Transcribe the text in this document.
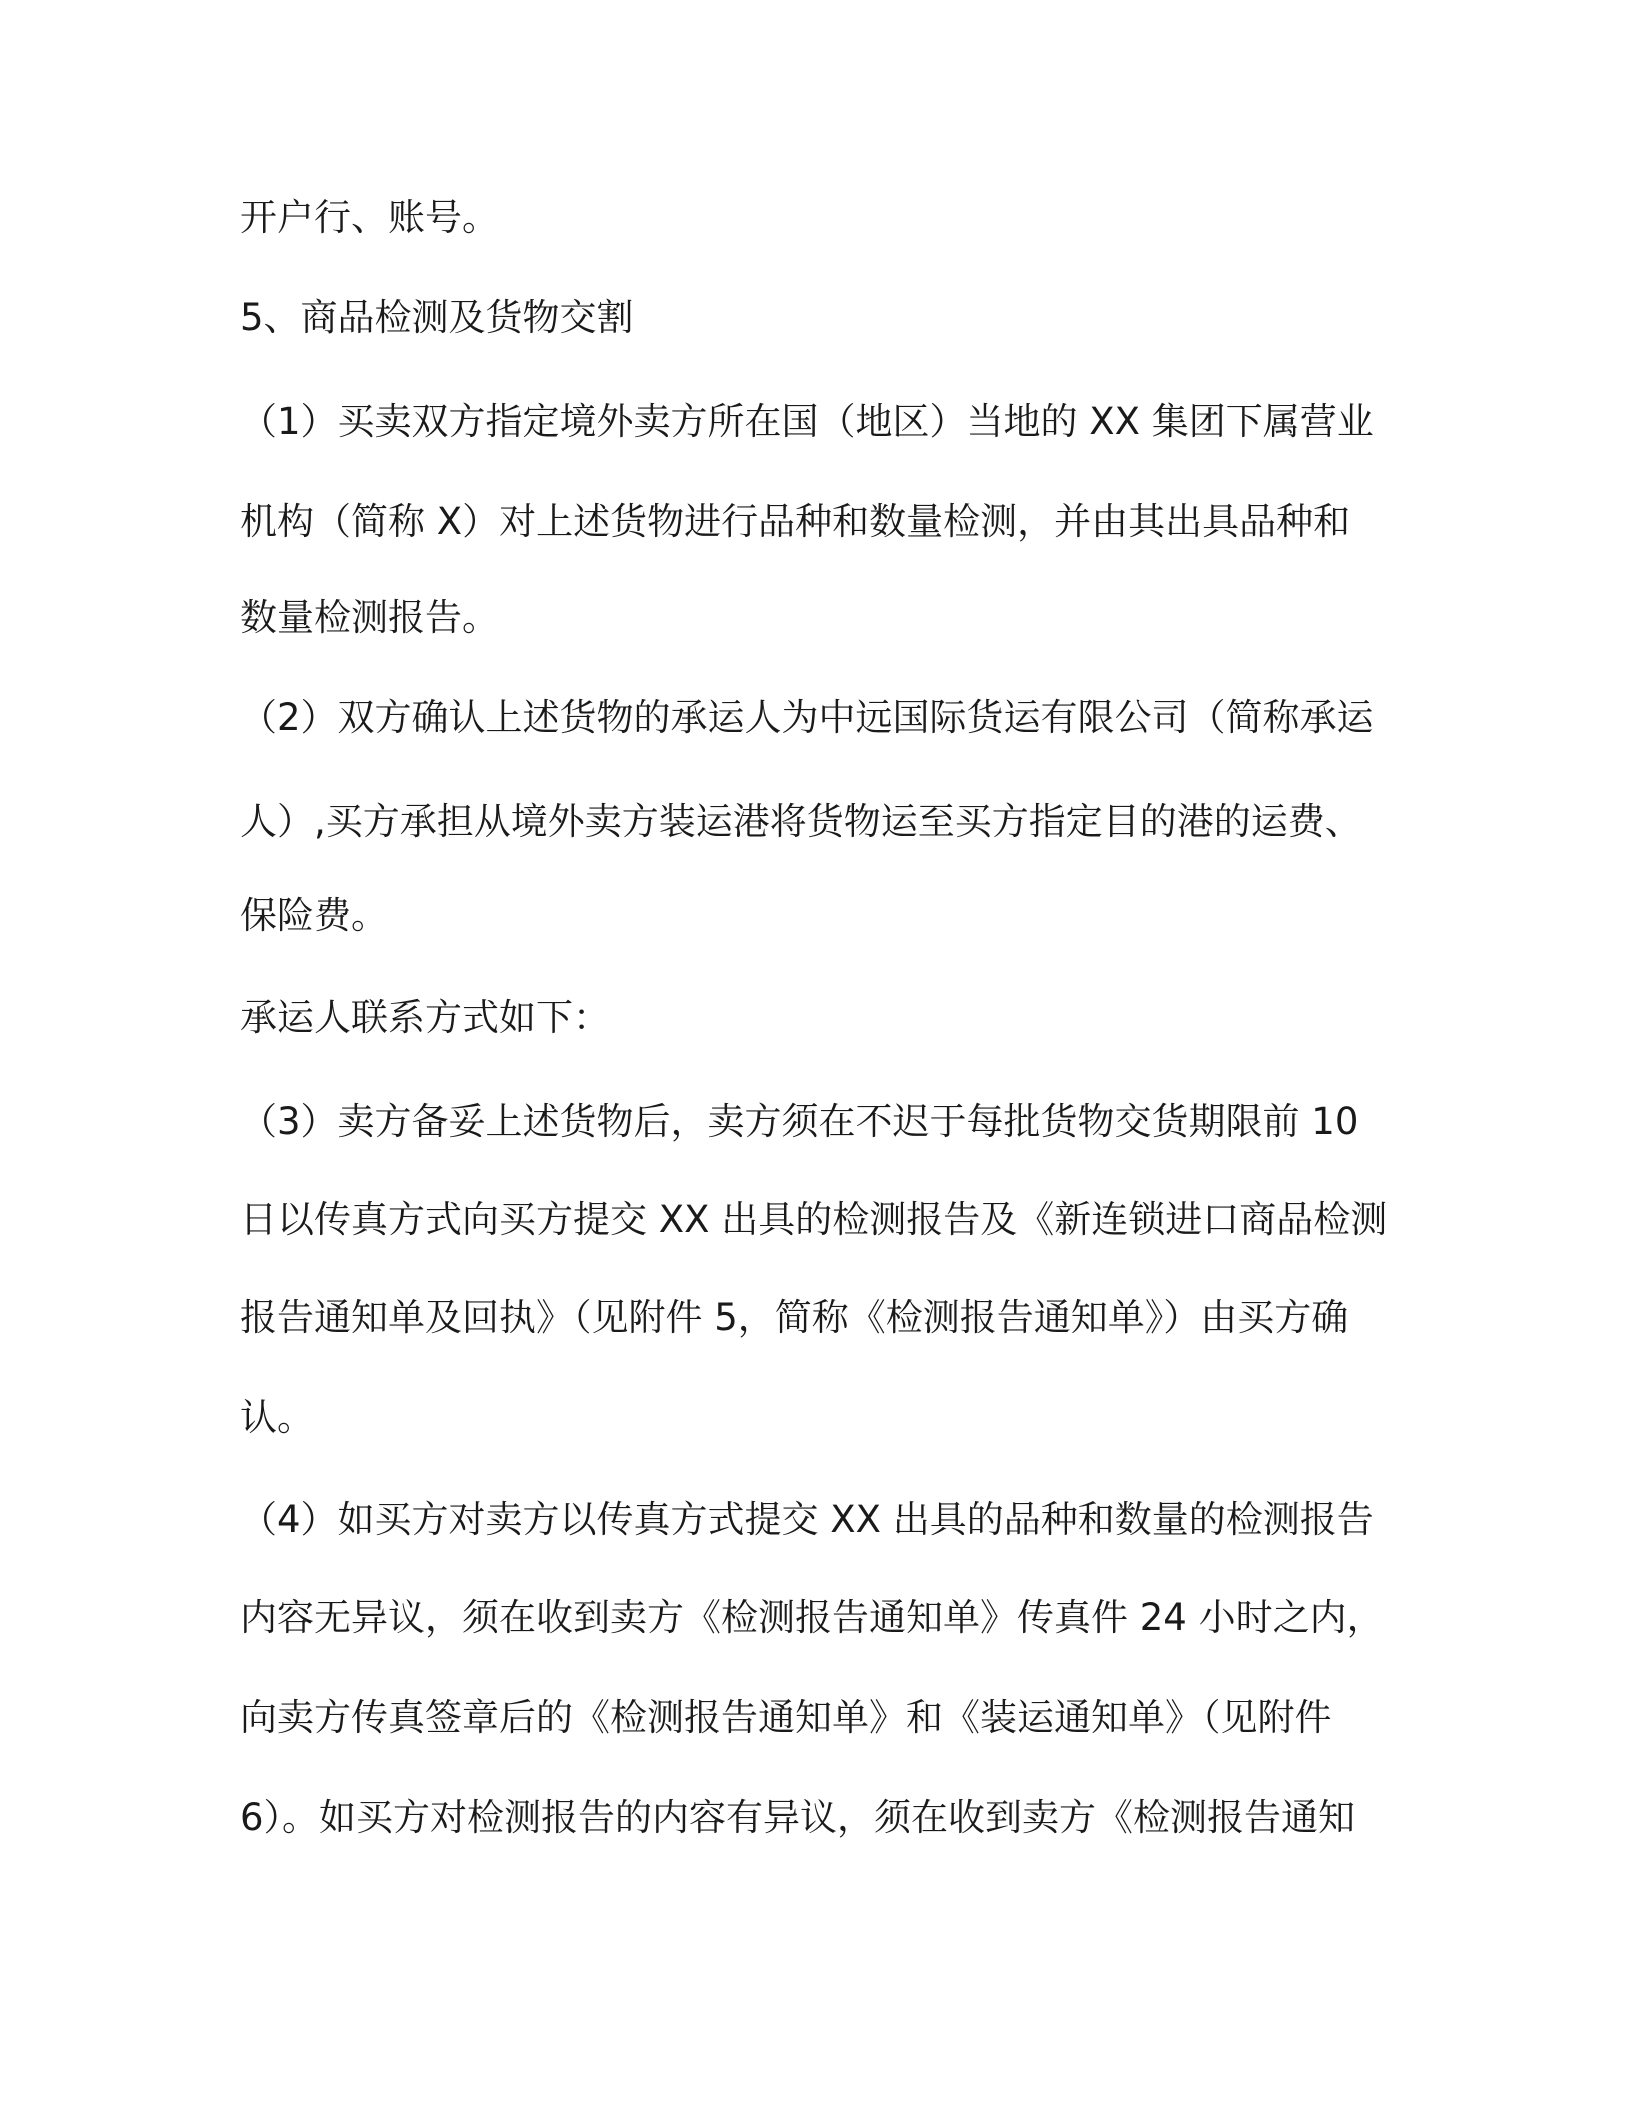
开户行、账号。

5、商品检测及货物交割

（1）买卖双方指定境外卖方所在国（地区）当地的 XX 集团下属营业

机构（简称 X）对上述货物进行品种和数量检测，并由其出具品种和

数量检测报告。

（2）双方确认上述货物的承运人为中远国际货运有限公司（简称承运

人）,买方承担从境外卖方装运港将货物运至买方指定目的港的运费、

保险费。

承运人联系方式如下：

（3）卖方备妥上述货物后，卖方须在不迟于每批货物交货期限前 10

日以传真方式向买方提交 XX 出具的检测报告及《新连锁进口商品检测

报告通知单及回执》（见附件 5，简称《检测报告通知单》）由买方确

认。

（4）如买方对卖方以传真方式提交 XX 出具的品种和数量的检测报告

内容无异议，须在收到卖方《检测报告通知单》传真件 24 小时之内，

向卖方传真签章后的《检测报告通知单》和《装运通知单》（见附件

6）。如买方对检测报告的内容有异议，须在收到卖方《检测报告通知
